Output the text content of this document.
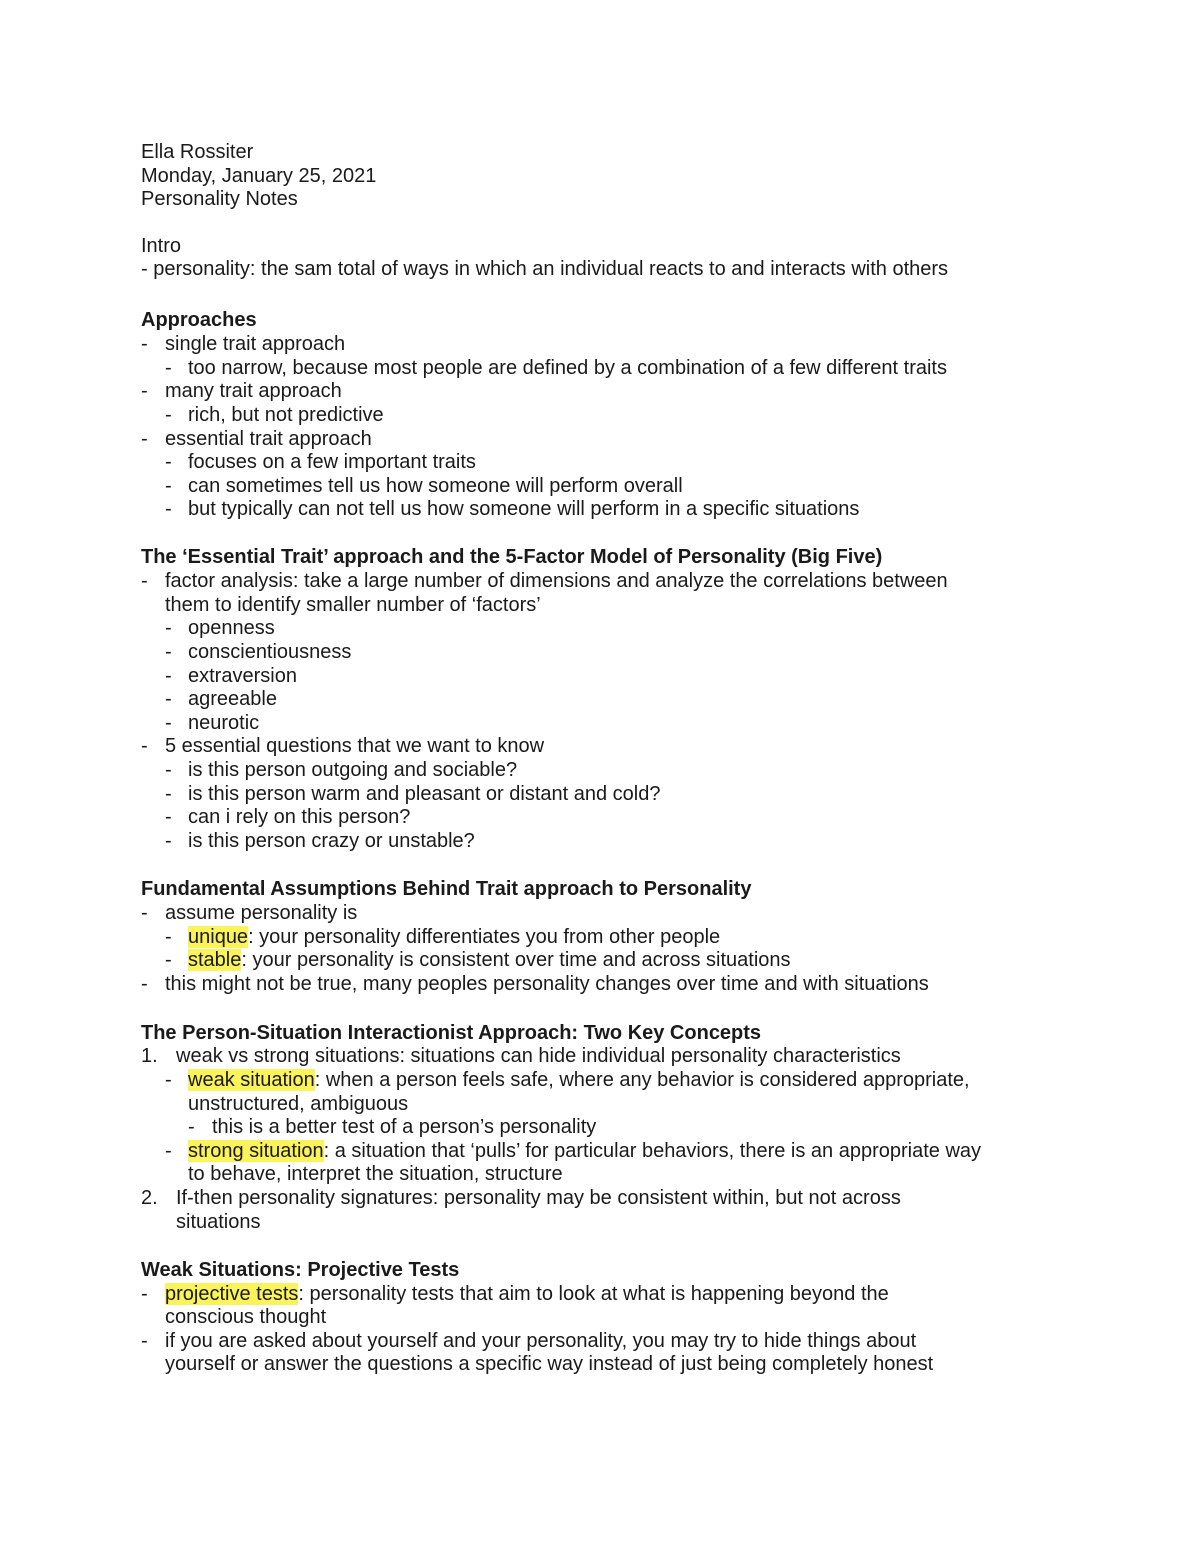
Ella Rossiter
Monday, January 25, 2021
Personality Notes
Intro
- personality: the sam total of ways in which an individual reacts to and interacts with others
Approaches
- single trait approach
- too narrow, because most people are defined by a combination of a few different traits
- many trait approach
- rich, but not predictive
- essential trait approach
- focuses on a few important traits
- can sometimes tell us how someone will perform overall
- but typically can not tell us how someone will perform in a specific situations
The ‘Essential Trait’ approach and the 5-Factor Model of Personality (Big Five)
- factor analysis: take a large number of dimensions and analyze the correlations between
them to identify smaller number of ‘factors’
- openness
- conscientiousness
- extraversion
- agreeable
- neurotic
- 5 essential questions that we want to know
- is this person outgoing and sociable?
- is this person warm and pleasant or distant and cold?
- can i rely on this person?
- is this person crazy or unstable?
Fundamental Assumptions Behind Trait approach to Personality
- assume personality is
- unique: your personality differentiates you from other people
- stable: your personality is consistent over time and across situations
- this might not be true, many peoples personality changes over time and with situations
The Person-Situation Interactionist Approach: Two Key Concepts
1. weak vs strong situations: situations can hide individual personality characteristics
- weak situation: when a person feels safe, where any behavior is considered appropriate,
unstructured, ambiguous
- this is a better test of a person’s personality
- strong situation: a situation that ‘pulls’ for particular behaviors, there is an appropriate way
to behave, interpret the situation, structure
2. If-then personality signatures: personality may be consistent within, but not across
situations
Weak Situations: Projective Tests
- projective tests: personality tests that aim to look at what is happening beyond the
conscious thought
- if you are asked about yourself and your personality, you may try to hide things about
yourself or answer the questions a specific way instead of just being completely honest
